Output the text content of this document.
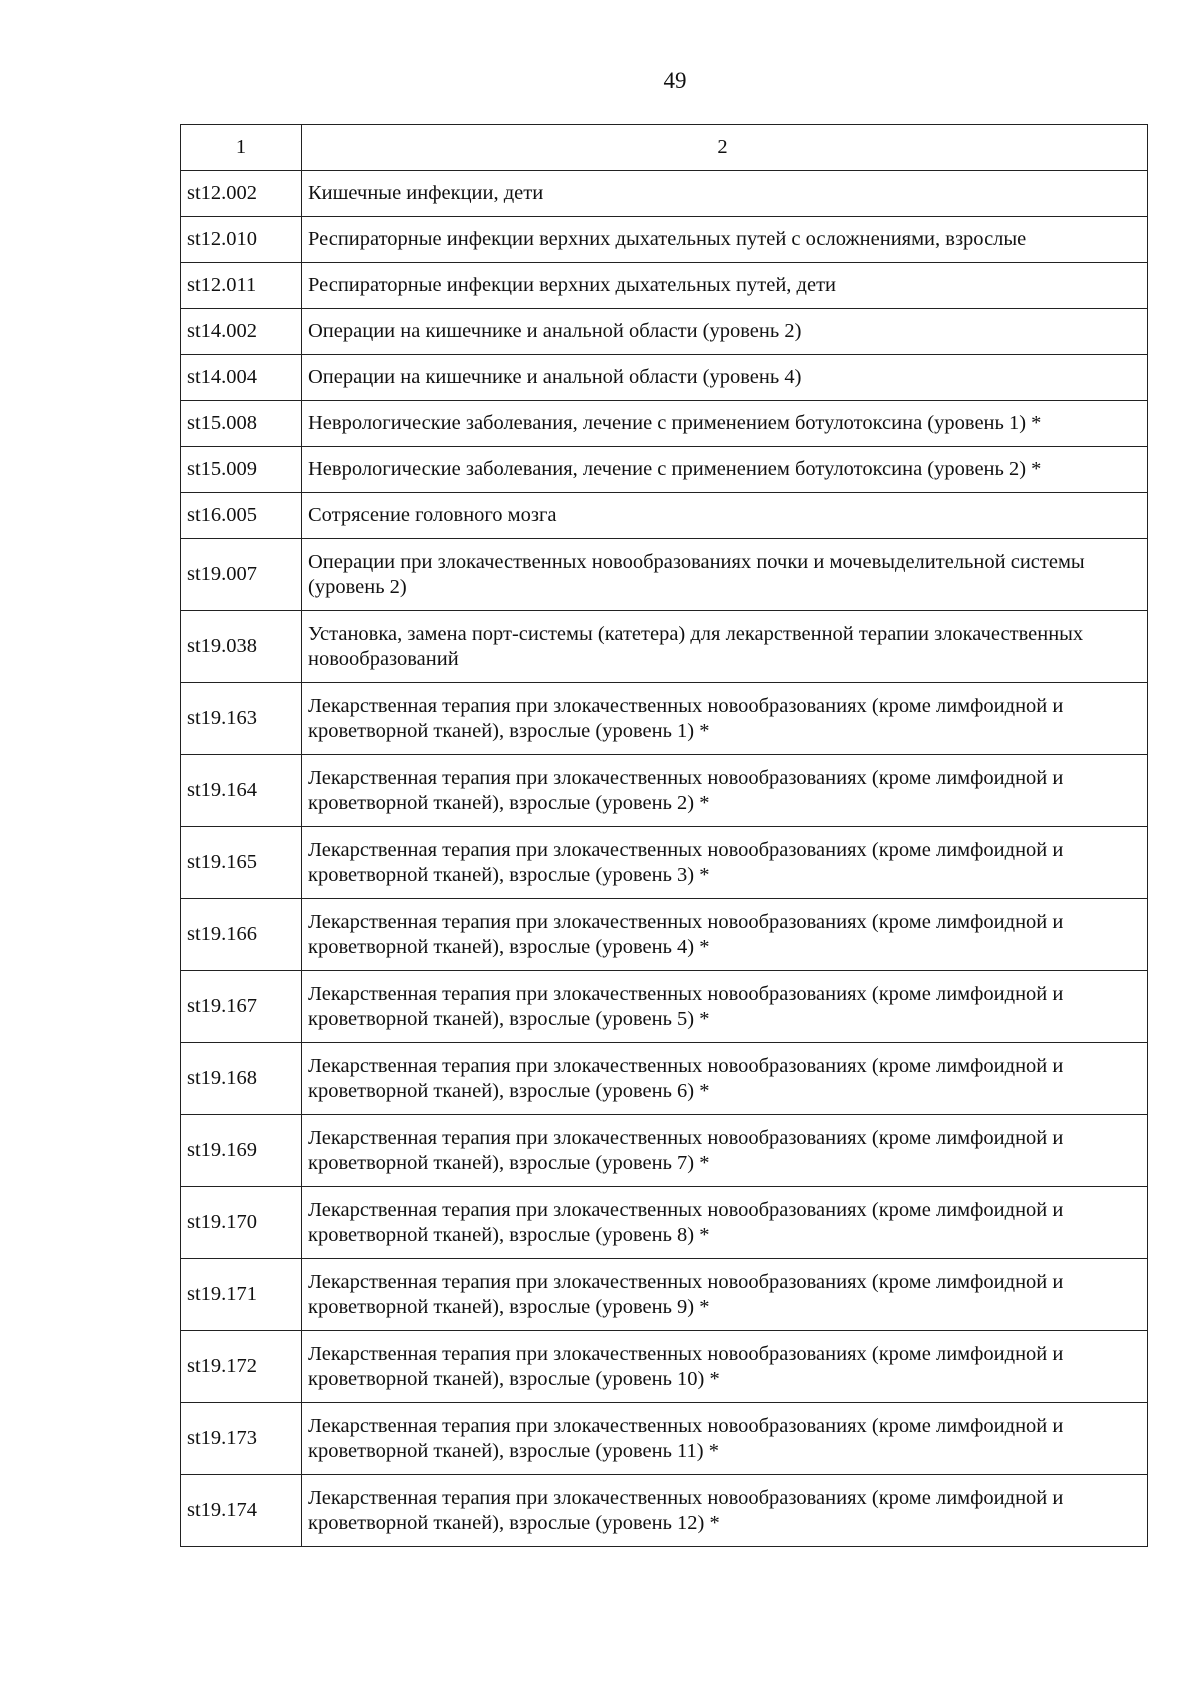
49
1	2
st12.002	Кишечные инфекции, дети
st12.010	Респираторные инфекции верхних дыхательных путей с осложнениями, взрослые
st12.011	Респираторные инфекции верхних дыхательных путей, дети
st14.002	Операции на кишечнике и анальной области (уровень 2)
st14.004	Операции на кишечнике и анальной области (уровень 4)
st15.008	Неврологические заболевания, лечение с применением ботулотоксина (уровень 1) *
st15.009	Неврологические заболевания, лечение с применением ботулотоксина (уровень 2) *
st16.005	Сотрясение головного мозга
st19.007	Операции при злокачественных новообразованиях почки и мочевыделительной системы (уровень 2)
st19.038	Установка, замена порт-системы (катетера) для лекарственной терапии злокачественных новообразований
st19.163	Лекарственная терапия при злокачественных новообразованиях (кроме лимфоидной и кроветворной тканей), взрослые (уровень 1) *
st19.164	Лекарственная терапия при злокачественных новообразованиях (кроме лимфоидной и кроветворной тканей), взрослые (уровень 2) *
st19.165	Лекарственная терапия при злокачественных новообразованиях (кроме лимфоидной и кроветворной тканей), взрослые (уровень 3) *
st19.166	Лекарственная терапия при злокачественных новообразованиях (кроме лимфоидной и кроветворной тканей), взрослые (уровень 4) *
st19.167	Лекарственная терапия при злокачественных новообразованиях (кроме лимфоидной и кроветворной тканей), взрослые (уровень 5) *
st19.168	Лекарственная терапия при злокачественных новообразованиях (кроме лимфоидной и кроветворной тканей), взрослые (уровень 6) *
st19.169	Лекарственная терапия при злокачественных новообразованиях (кроме лимфоидной и кроветворной тканей), взрослые (уровень 7) *
st19.170	Лекарственная терапия при злокачественных новообразованиях (кроме лимфоидной и кроветворной тканей), взрослые (уровень 8) *
st19.171	Лекарственная терапия при злокачественных новообразованиях (кроме лимфоидной и кроветворной тканей), взрослые (уровень 9) *
st19.172	Лекарственная терапия при злокачественных новообразованиях (кроме лимфоидной и кроветворной тканей), взрослые (уровень 10) *
st19.173	Лекарственная терапия при злокачественных новообразованиях (кроме лимфоидной и кроветворной тканей), взрослые (уровень 11) *
st19.174	Лекарственная терапия при злокачественных новообразованиях (кроме лимфоидной и кроветворной тканей), взрослые (уровень 12) *
